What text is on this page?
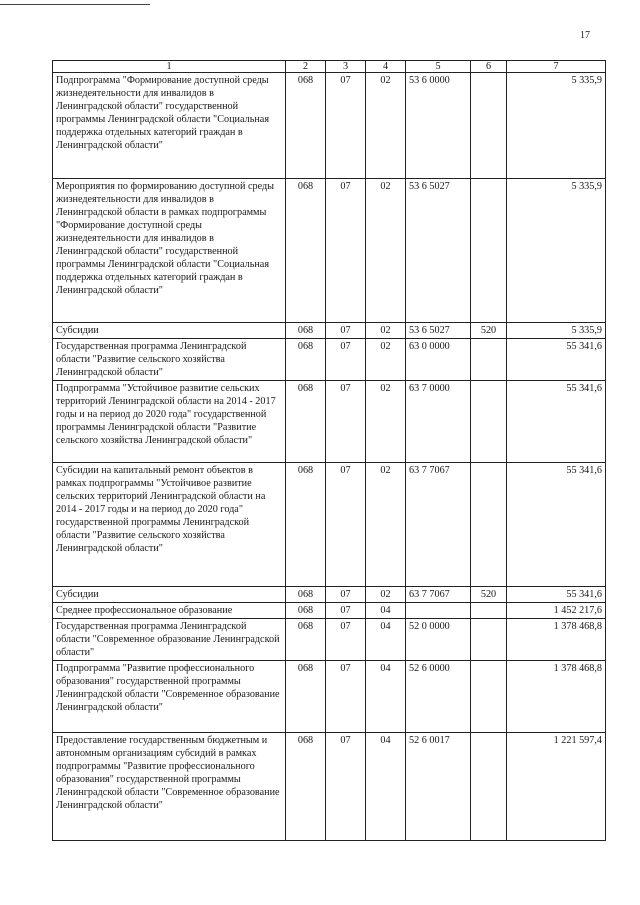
17
1	2	3	4	5	6	7
Подпрограмма "Формирование доступной среды жизнедеятельности для инвалидов в Ленинградской области" государственной программы Ленинградской области "Социальная поддержка отдельных категорий граждан в Ленинградской области"	068	07	02	53 6 0000		5 335,9
Мероприятия по формированию доступной среды жизнедеятельности для инвалидов в Ленинградской области в рамках подпрограммы "Формирование доступной среды жизнедеятельности для инвалидов в Ленинградской области" государственной программы Ленинградской области "Социальная поддержка отдельных категорий граждан в Ленинградской области"	068	07	02	53 6 5027		5 335,9
Субсидии	068	07	02	53 6 5027	520	5 335,9
Государственная программа Ленинградской области "Развитие сельского хозяйства Ленинградской области"	068	07	02	63 0 0000		55 341,6
Подпрограмма "Устойчивое развитие сельских территорий Ленинградской области на 2014 - 2017 годы и на период до 2020 года" государственной программы Ленинградской области "Развитие сельского хозяйства Ленинградской области"	068	07	02	63 7 0000		55 341,6
Субсидии на капитальный ремонт объектов в рамках подпрограммы "Устойчивое развитие сельских территорий Ленинградской области на 2014 - 2017 годы и на период до 2020 года" государственной программы Ленинградской области "Развитие сельского хозяйства Ленинградской области"	068	07	02	63 7 7067		55 341,6
Субсидии	068	07	02	63 7 7067	520	55 341,6
Среднее профессиональное образование	068	07	04			1 452 217,6
Государственная программа Ленинградской области "Современное образование Ленинградской области"	068	07	04	52 0 0000		1 378 468,8
Подпрограмма "Развитие профессионального образования" государственной программы Ленинградской области "Современное образование Ленинградской области"	068	07	04	52 6 0000		1 378 468,8
Предоставление государственным бюджетным и автономным организациям субсидий в рамках подпрограммы "Развитие профессионального образования" государственной программы Ленинградской области "Современное образование Ленинградской области"	068	07	04	52 6 0017		1 221 597,4
